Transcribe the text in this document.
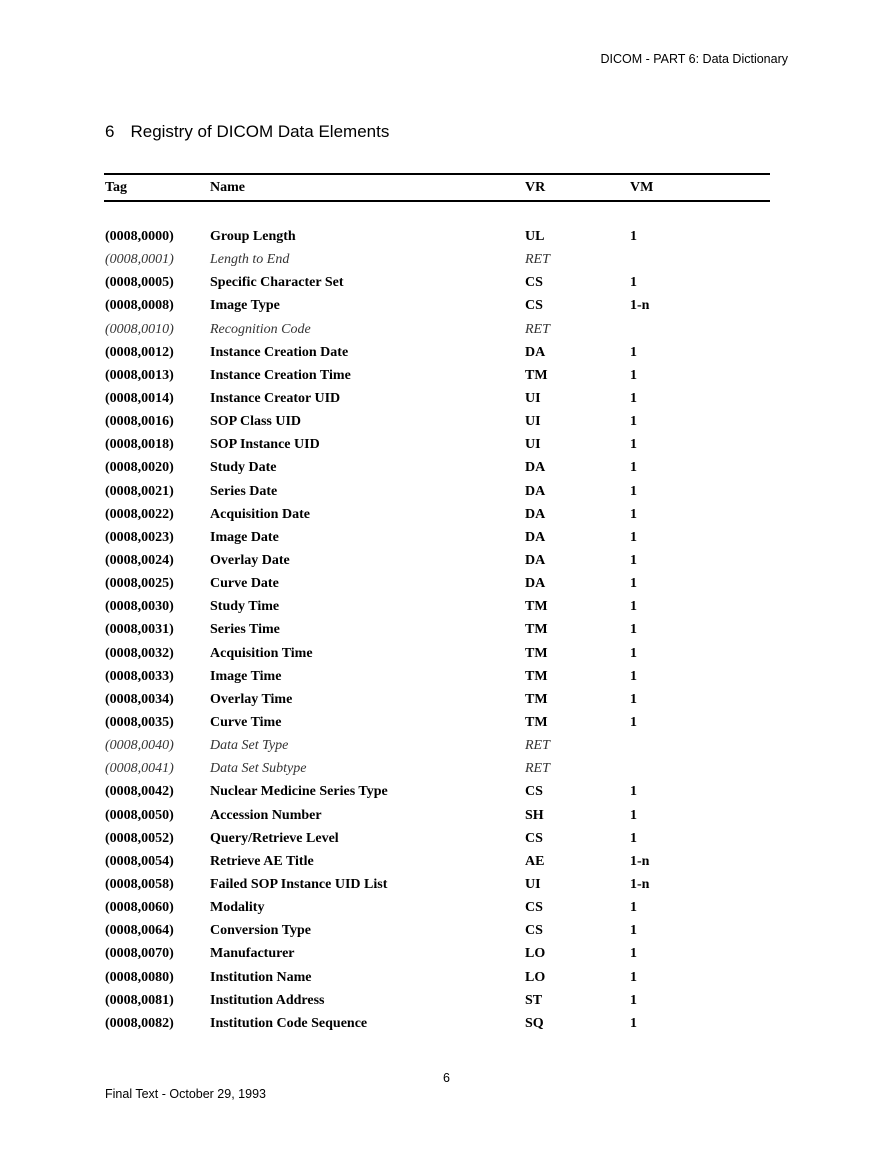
DICOM - PART 6: Data Dictionary
6 Registry of DICOM Data Elements
Tag	Name	VR	VM
(0008,0000)	Group Length	UL	1
(0008,0001)	Length to End	RET
(0008,0005)	Specific Character Set	CS	1
(0008,0008)	Image Type	CS	1-n
(0008,0010)	Recognition Code	RET
(0008,0012)	Instance Creation Date	DA	1
(0008,0013)	Instance Creation Time	TM	1
(0008,0014)	Instance Creator UID	UI	1
(0008,0016)	SOP Class UID	UI	1
(0008,0018)	SOP Instance UID	UI	1
(0008,0020)	Study Date	DA	1
(0008,0021)	Series Date	DA	1
(0008,0022)	Acquisition Date	DA	1
(0008,0023)	Image Date	DA	1
(0008,0024)	Overlay Date	DA	1
(0008,0025)	Curve Date	DA	1
(0008,0030)	Study Time	TM	1
(0008,0031)	Series Time	TM	1
(0008,0032)	Acquisition Time	TM	1
(0008,0033)	Image Time	TM	1
(0008,0034)	Overlay Time	TM	1
(0008,0035)	Curve Time	TM	1
(0008,0040)	Data Set Type	RET
(0008,0041)	Data Set Subtype	RET
(0008,0042)	Nuclear Medicine Series Type	CS	1
(0008,0050)	Accession Number	SH	1
(0008,0052)	Query/Retrieve Level	CS	1
(0008,0054)	Retrieve AE Title	AE	1-n
(0008,0058)	Failed SOP Instance UID List	UI	1-n
(0008,0060)	Modality	CS	1
(0008,0064)	Conversion Type	CS	1
(0008,0070)	Manufacturer	LO	1
(0008,0080)	Institution Name	LO	1
(0008,0081)	Institution Address	ST	1
(0008,0082)	Institution Code Sequence	SQ	1
6
Final Text - October 29, 1993
